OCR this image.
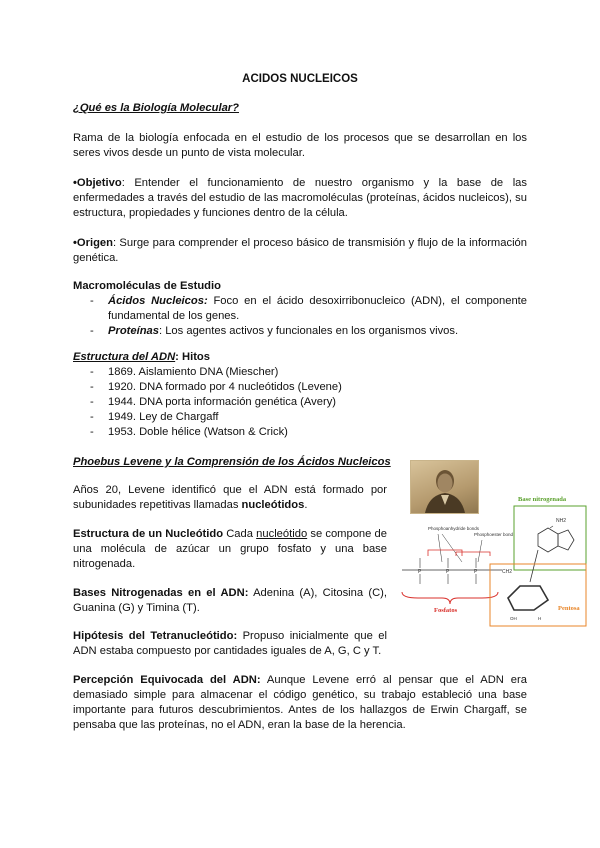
ACIDOS NUCLEICOS
¿Qué es la Biología Molecular?
Rama de la biología enfocada en el estudio de los procesos que se desarrollan en los seres vivos desde un punto de vista molecular.
•Objetivo: Entender el funcionamiento de nuestro organismo y la base de las enfermedades a través del estudio de las macromoléculas (proteínas, ácidos nucleicos), su estructura, propiedades y funciones dentro de la célula.
•Origen: Surge para comprender el proceso básico de transmisión y flujo de la información genética.
Macromoléculas de Estudio
- Ácidos Nucleicos: Foco en el ácido desoxirribonucleico (ADN), el componente fundamental de los genes.
- Proteínas: Los agentes activos y funcionales en los organismos vivos.
Estructura del ADN: Hitos
- 1869. Aislamiento DNA (Miescher)
- 1920. DNA formado por 4 nucleótidos (Levene)
- 1944. DNA porta información genética (Avery)
- 1949. Ley de Chargaff
- 1953. Doble hélice (Watson & Crick)
Phoebus Levene y la Comprensión de los Ácidos Nucleicos
Años 20, Levene identificó que el ADN está formado por subunidades repetitivas llamadas nucleótidos.
Estructura de un Nucleótido Cada nucleótido se compone de una molécula de azúcar un grupo fosfato y una base nitrogenada.
Bases Nitrogenadas en el ADN: Adenina (A), Citosina (C), Guanina (G) y Timina (T).
Hipótesis del Tetranucleótido: Propuso inicialmente que el ADN estaba compuesto por cantidades iguales de A, G, C y T.
Percepción Equivocada del ADN: Aunque Levene erró al pensar que el ADN era demasiado simple para almacenar el código genético, su trabajo estableció una base importante para futuros descubrimientos. Antes de los hallazgos de Erwin Chargaff, se pensaba que las proteínas, no el ADN, eran la base de la herencia.
Base nitrogenada
NH2
Phosphoanhydride bonds
Phosphoester bond
P	P	P
Fosfatos
CH2
OH	H
Pentosa
